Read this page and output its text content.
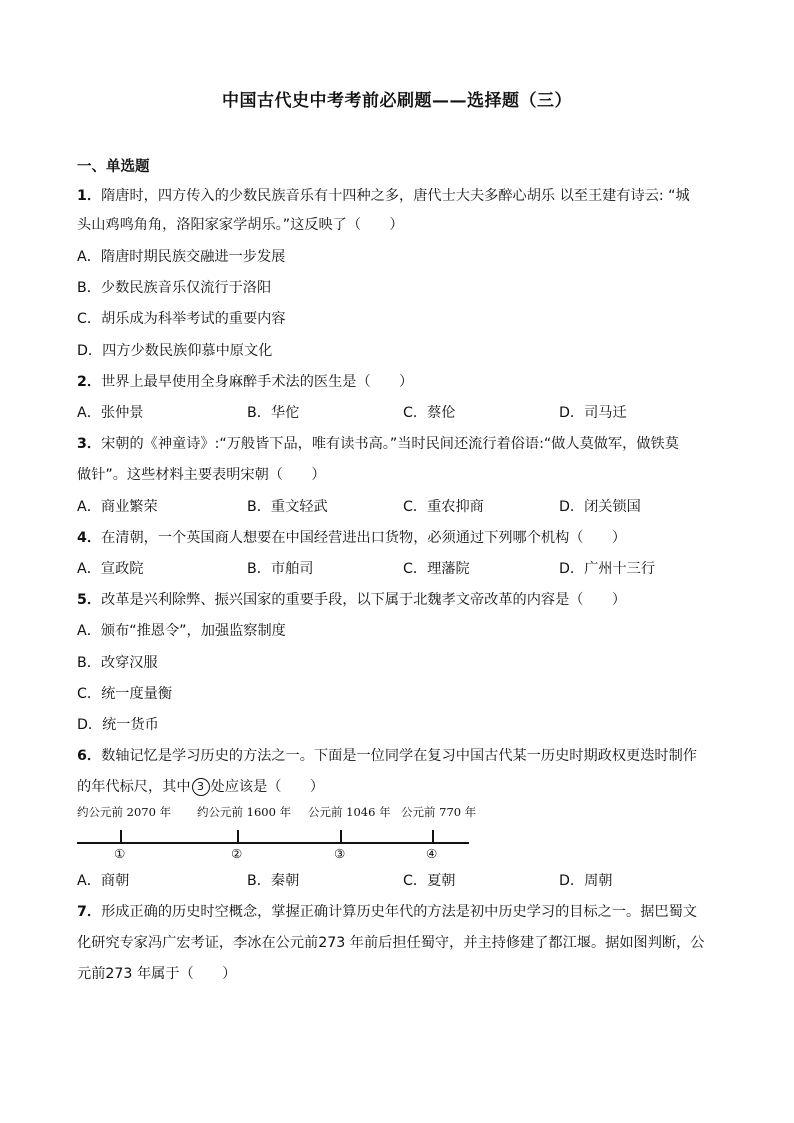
中国古代史中考考前必刷题——选择题（三）
一、单选题
1．隋唐时，四方传入的少数民族音乐有十四种之多，唐代士大夫多醉心胡乐 以至王建有诗云: “城
头山鸡鸣角角，洛阳家家学胡乐。”这反映了（　　）
A．隋唐时期民族交融进一步发展
B．少数民族音乐仅流行于洛阳
C．胡乐成为科举考试的重要内容
D．四方少数民族仰慕中原文化
2．世界上最早使用全身麻醉手术法的医生是（　　）
A．张仲景	B．华佗	C．蔡伦	D．司马迁
3．宋朝的《神童诗》:“万般皆下品，唯有读书高。”当时民间还流行着俗语:“做人莫做军，做铁莫
做针”。这些材料主要表明宋朝（　　）
A．商业繁荣	B．重文轻武	C．重农抑商	D．闭关锁国
4．在清朝，一个英国商人想要在中国经营进出口货物，必须通过下列哪个机构（　　）
A．宣政院	B．市舶司	C．理藩院	D．广州十三行
5．改革是兴利除弊、振兴国家的重要手段，以下属于北魏孝文帝改革的内容是（　　）
A．颁布“推恩令”，加强监察制度
B．改穿汉服
C．统一度量衡
D．统一货币
6．数轴记忆是学习历史的方法之一。下面是一位同学在复习中国古代某一历史时期政权更迭时制作
的年代标尺，其中 3 处应该是（　　）
约公元前 2070 年 约公元前 1600 年 公元前 1046 年 公元前 770 年
①	②	③	④
A．商朝	B．秦朝	C．夏朝	D．周朝
7．形成正确的历史时空概念，掌握正确计算历史年代的方法是初中历史学习的目标之一。据巴蜀文
化研究专家冯广宏考证，李冰在公元前273 年前后担任蜀守，并主持修建了都江堰。据如图判断，公
元前273 年属于（　　）
